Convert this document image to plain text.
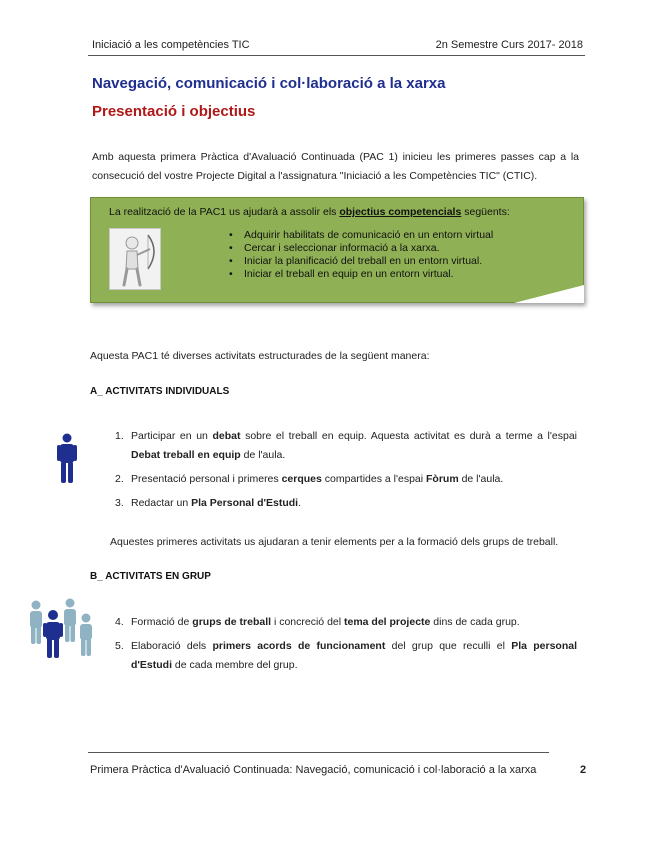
Iniciació a les competències TIC	2n Semestre Curs 2017- 2018
Navegació, comunicació i col·laboració a la xarxa
Presentació i objectius
Amb aquesta primera Pràctica d'Avaluació Continuada (PAC 1) inicieu les primeres passes cap a la consecució del vostre Projecte Digital a l'assignatura "Iniciació a les Competències TIC" (CTIC).
La realització de la PAC1 us ajudarà a assolir els objectius competencials següents:
• Adquirir habilitats de comunicació en un entorn virtual
• Cercar i seleccionar informació a la xarxa.
• Iniciar la planificació del treball en un entorn virtual.
• Iniciar el treball en equip en un entorn virtual.
Aquesta PAC1 té diverses activitats estructurades de la següent manera:
A_ ACTIVITATS INDIVIDUALS
1. Participar en un debat sobre el treball en equip. Aquesta activitat es durà a terme a l'espai Debat treball en equip de l'aula.
2. Presentació personal i primeres cerques compartides a l'espai Fòrum de l'aula.
3. Redactar un Pla Personal d'Estudi.
Aquestes primeres activitats us ajudaran a tenir elements per a la formació dels grups de treball.
B_ ACTIVITATS EN GRUP
4. Formació de grups de treball i concreció del tema del projecte dins de cada grup.
5. Elaboració dels primers acords de funcionament del grup que reculli el Pla personal d'Estudi de cada membre del grup.
Primera Pràctica d'Avaluació Continuada: Navegació, comunicació i col·laboració a la xarxa	2
